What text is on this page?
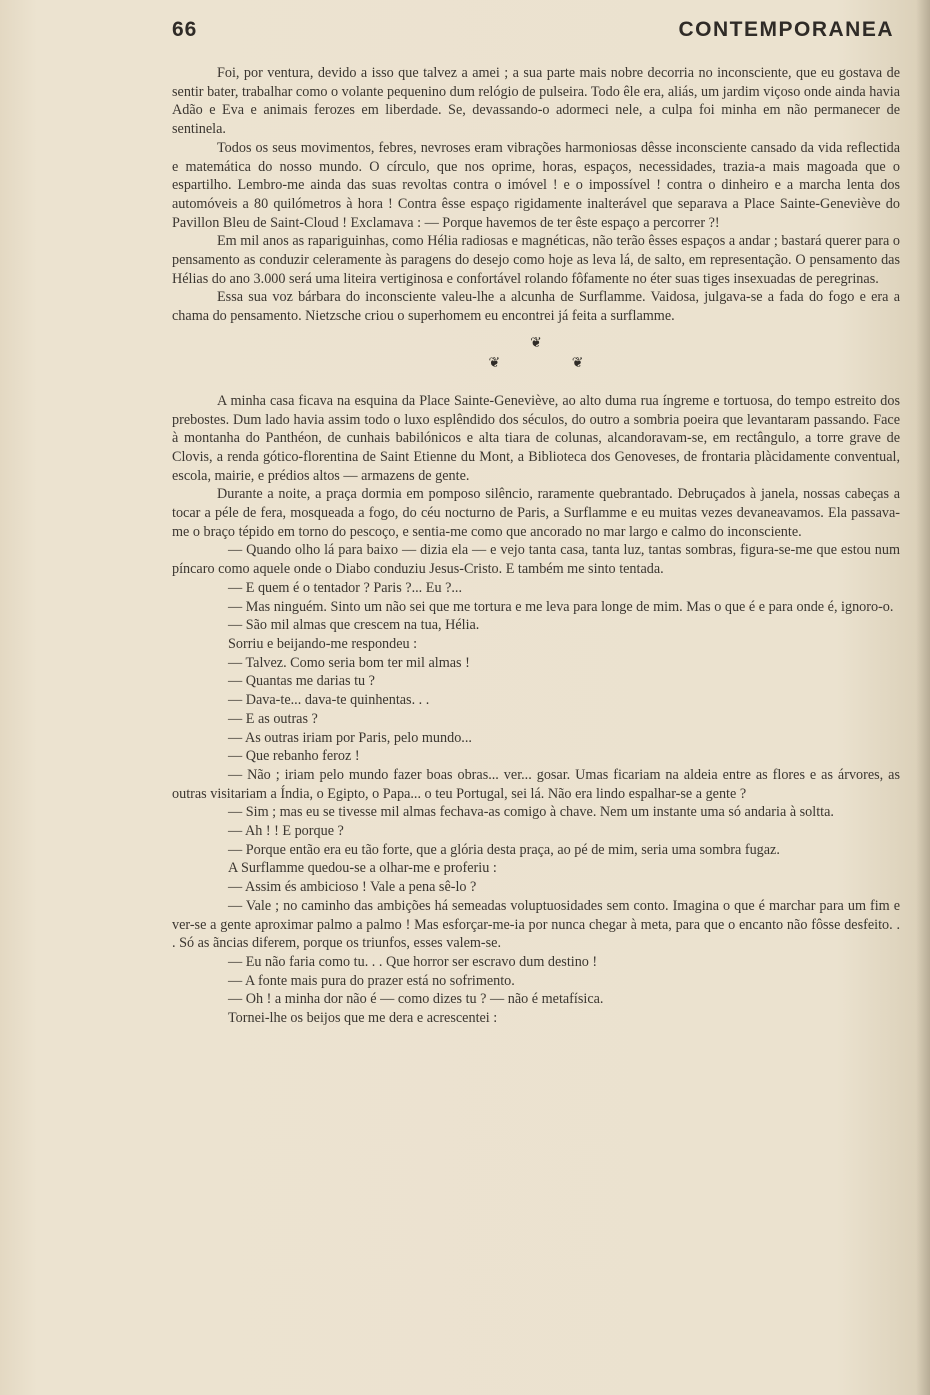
66	CONTEMPORANEA

Foi, por ventura, devido a isso que talvez a amei ; a sua parte mais nobre decorria no inconsciente, que eu gostava de sentir bater, trabalhar como o volante pequenino dum relógio de pulseira. Todo êle era, aliás, um jardim viçoso onde ainda havia Adão e Eva e animais ferozes em liberdade. Se, devassando-o adormeci nele, a culpa foi minha em não permanecer de sentinela.

Todos os seus movimentos, febres, nevroses eram vibrações harmoniosas dêsse inconsciente cansado da vida reflectida e matemática do nosso mundo. O círculo, que nos oprime, horas, espaços, necessidades, trazia-a mais magoada que o espartilho. Lembro-me ainda das suas revoltas contra o imóvel ! e o impossível ! contra o dinheiro e a marcha lenta dos automóveis a 80 quilómetros à hora ! Contra êsse espaço rigidamente inalterável que separava a Place Sainte-Geneviève do Pavillon Bleu de Saint-Cloud ! Exclamava : — Porque havemos de ter êste espaço a percorrer ?!

Em mil anos as rapariguinhas, como Hélia radiosas e magnéticas, não terão êsses espaços a andar ; bastará querer para o pensamento as conduzir celeramente às paragens do desejo como hoje as leva lá, de salto, em representação. O pensamento das Hélias do ano 3.000 será uma liteira vertiginosa e confortável rolando fôfamente no éter suas tiges insexuadas de peregrinas.

Essa sua voz bárbara do inconsciente valeu-lhe a alcunha de Surflamme. Vaidosa, julgava-se a fada do fogo e era a chama do pensamento. Nietzsche criou o superhomem eu encontrei já feita a surflamme.

❦
❦ ❦

A minha casa ficava na esquina da Place Sainte-Geneviève, ao alto duma rua íngreme e tortuosa, do tempo estreito dos prebostes. Dum lado havia assim todo o luxo esplêndido dos séculos, do outro a sombria poeira que levantaram passando. Face à montanha do Panthéon, de cunhais babilónicos e alta tiara de colunas, alcandoravam-se, em rectângulo, a torre grave de Clovis, a renda gótico-florentina de Saint Etienne du Mont, a Biblioteca dos Genoveses, de frontaria plàcidamente conventual, escola, mairie, e prédios altos — armazens de gente.

Durante a noite, a praça dormia em pomposo silêncio, raramente quebrantado. Debruçados à janela, nossas cabeças a tocar a péle de fera, mosqueada a fogo, do céu nocturno de Paris, a Surflamme e eu muitas vezes devaneavamos. Ela passava-me o braço tépido em torno do pescoço, e sentia-me como que ancorado no mar largo e calmo do inconsciente.

— Quando olho lá para baixo — dizia ela — e vejo tanta casa, tanta luz, tantas sombras, figura-se-me que estou num píncaro como aquele onde o Diabo conduziu Jesus-Cristo. E também me sinto tentada.

— E quem é o tentador ? Paris ?... Eu ?...

— Mas ninguém. Sinto um não sei que me tortura e me leva para longe de mim. Mas o que é e para onde é, ignoro-o.

— São mil almas que crescem na tua, Hélia.

Sorriu e beijando-me respondeu :

— Talvez. Como seria bom ter mil almas !

— Quantas me darias tu ?

— Dava-te... dava-te quinhentas. . .

— E as outras ?

— As outras iriam por Paris, pelo mundo...

— Que rebanho feroz !

— Não ; iriam pelo mundo fazer boas obras... ver... gosar. Umas ficariam na aldeia entre as flores e as árvores, as outras visitariam a Índia, o Egipto, o Papa... o teu Portugal, sei lá. Não era lindo espalhar-se a gente ?

— Sim ; mas eu se tivesse mil almas fechava-as comigo à chave. Nem um instante uma só andaria à soltta.

— Ah ! ! E porque ?

— Porque então era eu tão forte, que a glória desta praça, ao pé de mim, seria uma sombra fugaz.

A Surflamme quedou-se a olhar-me e proferiu :

— Assim és ambicioso ! Vale a pena sê-lo ?

— Vale ; no caminho das ambições há semeadas voluptuosidades sem conto. Imagina o que é marchar para um fim e ver-se a gente aproximar palmo a palmo ! Mas esforçar-me-ia por nunca chegar à meta, para que o encanto não fôsse desfeito. . . Só as ãncias diferem, porque os triunfos, esses valem-se.

— Eu não faria como tu. . . Que horror ser escravo dum destino !

— A fonte mais pura do prazer está no sofrimento.

— Oh ! a minha dor não é — como dizes tu ? — não é metafísica.

Tornei-lhe os beijos que me dera e acrescentei :
